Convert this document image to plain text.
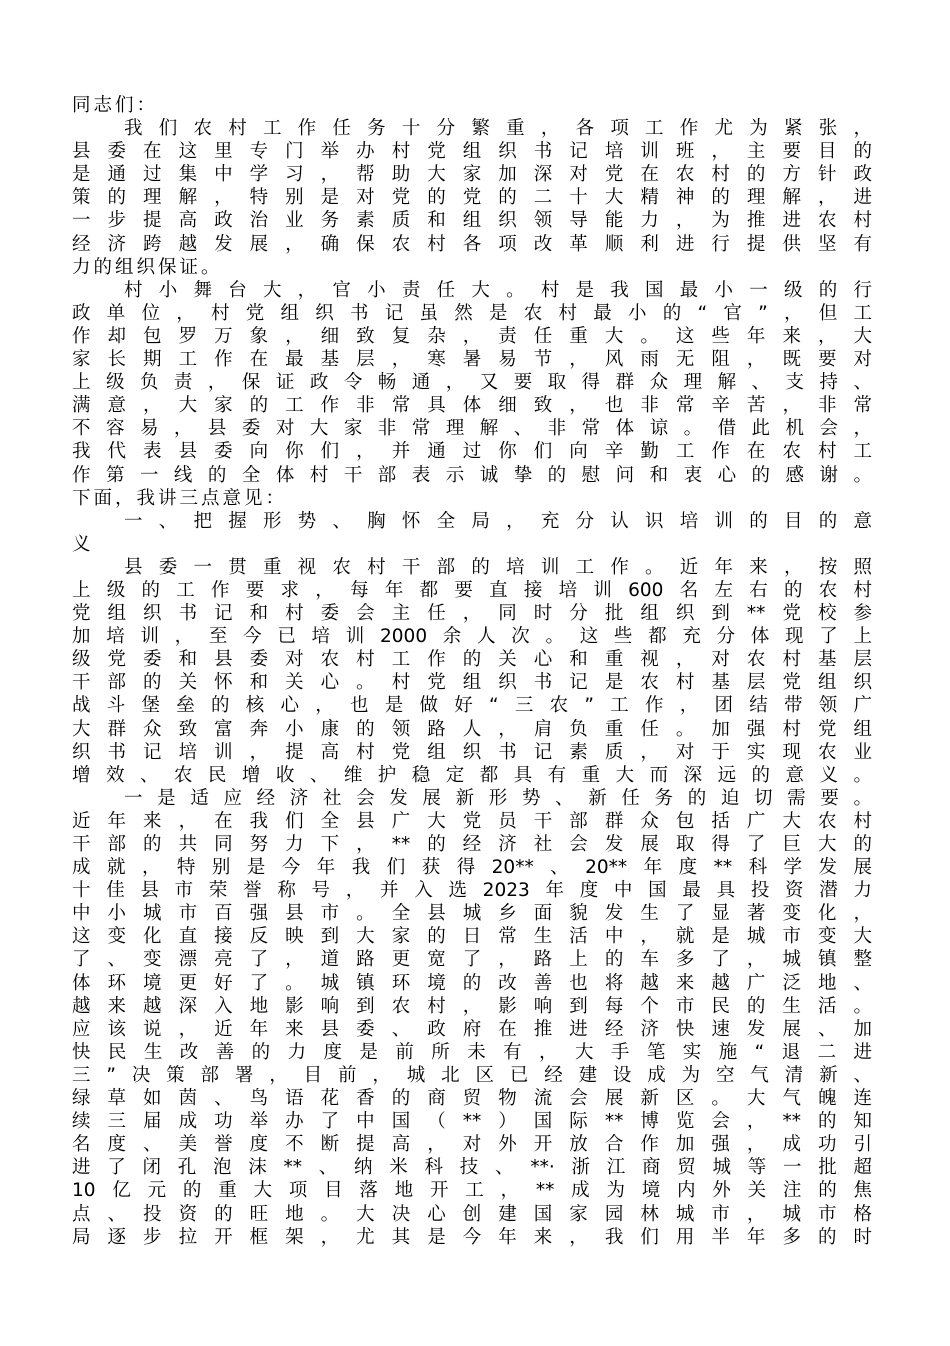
同志们：
我们农村工作任务十分繁重，各项工作尤为紧张，
县委在这里专门举办村党组织书记培训班，主要目的
是通过集中学习，帮助大家加深对党在农村的方针政
策的理解，特别是对党的党的二十大精神的理解，进
一步提高政治业务素质和组织领导能力，为推进农村
经济跨越发展，确保农村各项改革顺利进行提供坚有
力的组织保证。
村小舞台大，官小责任大。村是我国最小一级的行
政单位，村党组织书记虽然是农村最小的“官”，但工
作却包罗万象，细致复杂，责任重大。这些年来，大
家长期工作在最基层，寒暑易节，风雨无阻，既要对
上级负责，保证政令畅通，又要取得群众理解、支持、
满意，大家的工作非常具体细致，也非常辛苦，非常
不容易，县委对大家非常理解、非常体谅。借此机会，
我代表县委向你们，并通过你们向辛勤工作在农村工
作第一线的全体村干部表示诚挚的慰问和衷心的感谢。
下面，我讲三点意见：
一、把握形势、胸怀全局，充分认识培训的目的意
义
县委一贯重视农村干部的培训工作。近年来，按照
上级的工作要求，每年都要直接培训600名左右的农村
党组织书记和村委会主任，同时分批组织到**党校参
加培训，至今已培训2000余人次。这些都充分体现了上
级党委和县委对农村工作的关心和重视，对农村基层
干部的关怀和关心。村党组织书记是农村基层党组织
战斗堡垒的核心，也是做好“三农”工作，团结带领广
大群众致富奔小康的领路人，肩负重任。加强村党组
织书记培训，提高村党组织书记素质，对于实现农业
增效、农民增收、维护稳定都具有重大而深远的意义。
一是适应经济社会发展新形势、新任务的迫切需要。
近年来，在我们全县广大党员干部群众包括广大农村
干部的共同努力下，**的经济社会发展取得了巨大的
成就，特别是今年我们获得20**、20**年度**科学发展
十佳县市荣誉称号，并入选2023年度中国最具投资潜力
中小城市百强县市。全县城乡面貌发生了显著变化，
这变化直接反映到大家的日常生活中，就是城市变大
了、变漂亮了，道路更宽了，路上的车多了，城镇整
体环境更好了。城镇环境的改善也将越来越广泛地、
越来越深入地影响到农村，影响到每个市民的生活。
应该说，近年来县委、政府在推进经济快速发展、加
快民生改善的力度是前所未有，大手笔实施“退二进
三”决策部署，目前，城北区已经建设成为空气清新、
绿草如茵、鸟语花香的商贸物流会展新区。大气魄连
续三届成功举办了中国（**）国际**博览会，**的知
名度、美誉度不断提高，对外开放合作加强，成功引
进了闭孔泡沫**、纳米科技、**·浙江商贸城等一批超
10亿元的重大项目落地开工，**成为境内外关注的焦
点、投资的旺地。大决心创建国家园林城市，城市格
局逐步拉开框架，尤其是今年来，我们用半年多的时
